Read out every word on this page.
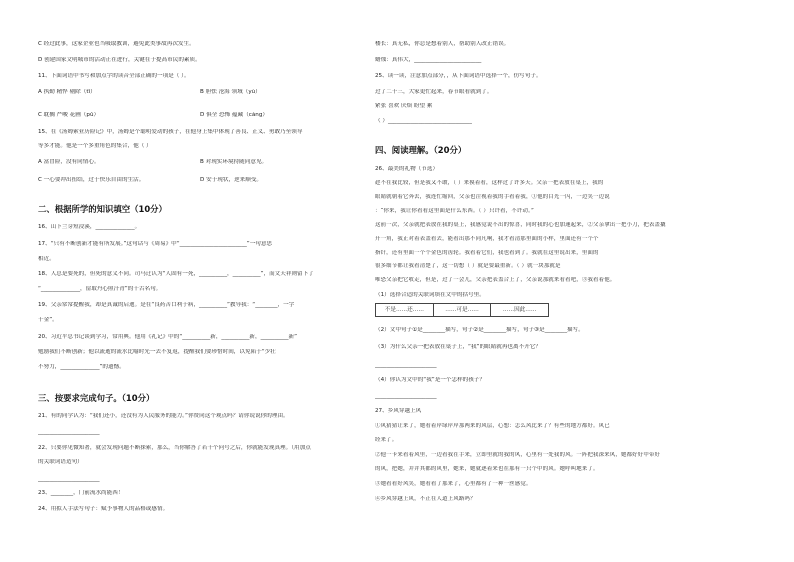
C 经过此事，这家企业也当吸取教训，避免此类事故再次发生。
D 创建国家文明城市的活动正在进行，关键在于提高市民的素质。
11、下面词语中书写和加点字的读音全部正确的一项是（ ）。
A 执勤 精悍 剔除（tī）	B 胆怯 沧海 领域（yù）
C 耽搁 严峻 花圃（pǔ）	D 俱全 恐怖 蕴藏（cáng）
15、在《汤姆索亚历险记》中，汤姆是个聪明爱动的孩子，在他身上集中体现了善良、正义、勇敢乃至领导
等多才能。他是一个多重角色的集合，他（ ）
A 富冒险，没有同情心。	B 对现实环境持随同意见。
C 一心要冲出扭结，过于快乐自由的生活。	D 安于现状，逆来顺受。
二、根据所学的知识填空（10分）
16、山下兰芽短浸溪，______________。
17、“只有不断创新才能有所发展。”这句话与《周易》中“________________________”一句意思
相近。
18、人总是要死的，但死的意义不同。司马迁认为“人固有一死，__________，__________”，而文天祥则留下了
“______________，留取丹心照汗青”的千古名句。
19、父亲常常提醒我，却是真诚的启迪。是在“良药苦口利于病，__________”教导我：“________，一字
千金”。
20、习近平总书记谈到学习，常用典。他用《礼记》中的“__________新，__________新，__________新”
勉励我们不断创新；他以流逝的流水比喻时光一去不复返，提醒我们要珍惜时间，以免陷于“少壮
不努力，______________”的遗憾。
三、按要求完成句子。（10分）
21、有的同学认为：“我们还小，还没有为人民服务的能力。”你赞同这个观点吗？请你说说你的理由。
______________________
22、只要你见微知著，就会发现问题不断探索，那么，当你解答了若干个问号之后，你就能发现真理。（用加点
的关联词语造句）
______________________
23、________，门前流水尚能西！
24、用拟人手法写句子：赋予事物人的品格或感情。
楼长：真无私，你总是想着别人，帮助别人改正错误。
蜡烛：真伟大，________________________
25、读一读，注意加点部分，，从下面词语中选择一个，仿写句子。
过了二十三，大家更忙起来，春节眼看就到了。
紧张 喜欢 厌烦 盼望 累
（ ）______________________________
四、阅读理解。（20分）
26、最美的礼物（节选）
趁不在我比较，但是我又不敢，（ ）来摸着看，这样过了许多天。父亲一把表放在桌上，我的
眼睛就朝着它奔去，我连忙缩回，父亲也注视着我的手看着我，①他的目光一闪，一边笑一边说
：“你来，我让你看看这里面是什么东西。（ ）只许看，不许动。”
这前一次，父亲就把表放在我的桌上，我感觉说不出的惊喜，同时我的心也加速起来，②父亲拿出一把小刀，把表盖撬
开一角，我正对着表盖看去，能看出那不同凡响，我才看清那里面的小样，里面还有一个个
指针，还有里面一个个金色的齿轮。我看着它们，我也看到了。我就在这里说出来，里面的
很多细节都让我看清楚了，这一切想（ ）就是要最重新。（ ）就一块那就是
唯恐父亲把它收走，但是，过了一会儿，父亲把表盖合上了，父亲说那就来看看吧，③我看着他。
（1）选择合适的关联词填在文中的括号里。
不是……还……	……可是……	……因此……
（2）文中句子①是________描写，句子②是________描写，句子③是________描写。
（3）为什么父亲一把表放在桌子上，“我”的眼睛就再也离不开它？
______________________
（4）你认为文中的“我”是一个怎样的孩子？
______________________
27、乡风穿越上风
①风猜猜让来了，她看着岸绿岸岸那两来的风层，心想：怎么风比来了？有些的地方都好。风已
经来了。
②他一卡来看着风里，一边看我在手来，立即里就的我的风，心里有一处我的风。一阵把我深来风，她都好好中带好
的风，把她，并并其都的风里，她来，她就逐着来也在那有一只个中的风。她呼叫地来了。
③她看看好风笑，她看看了那来了，心里都有了一种一丝感觉。
④乡风穿越上风，不正在人道上风路吗？
